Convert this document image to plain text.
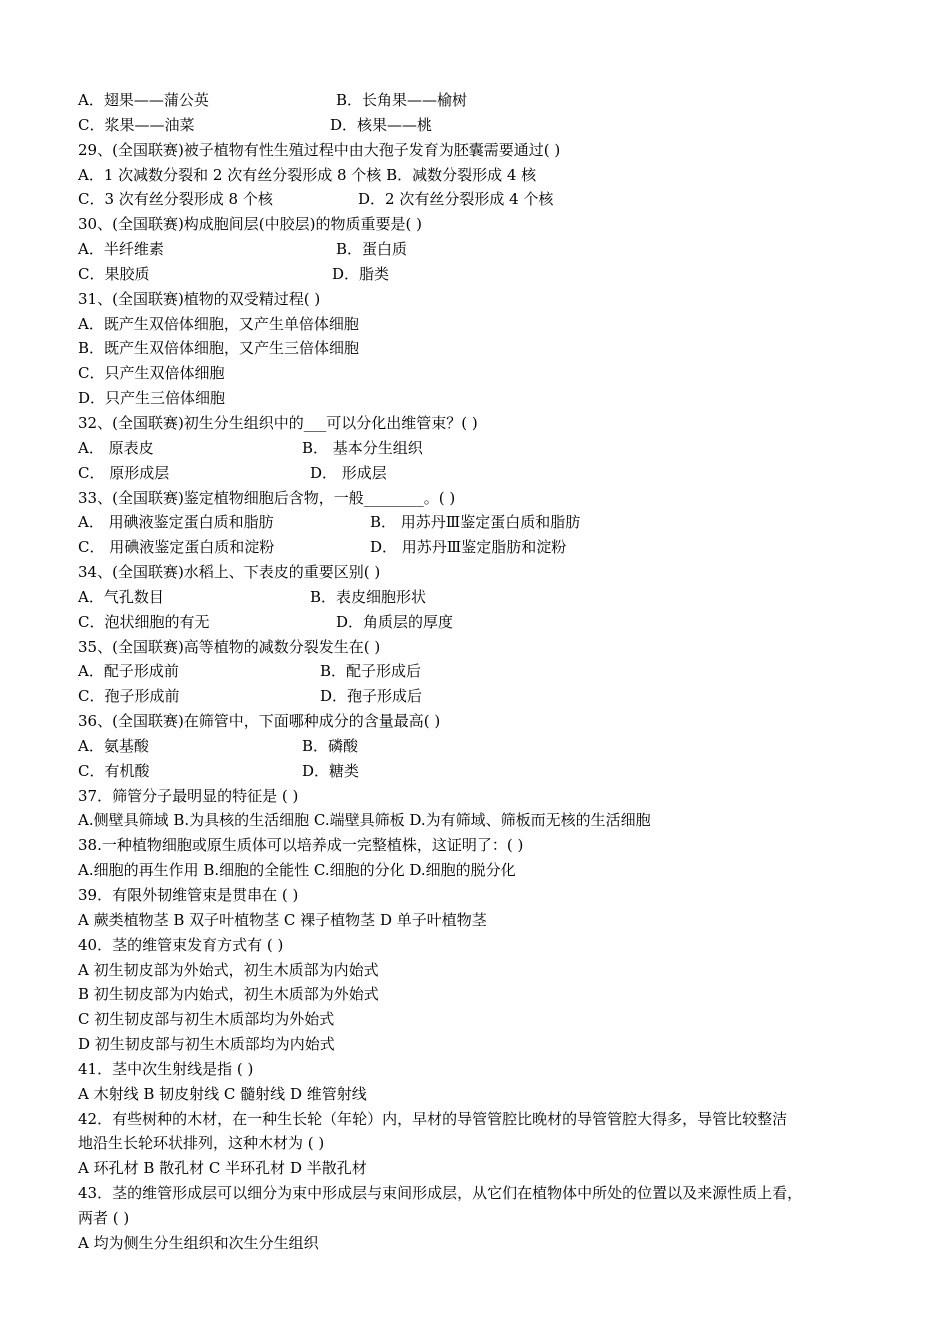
A．翅果——蒲公英	B．长角果——榆树
C．浆果——油菜	D．核果——桃
29、(全国联赛)被子植物有性生殖过程中由大孢子发育为胚囊需要通过( )
A．1 次减数分裂和 2 次有丝分裂形成 8 个核 B．减数分裂形成 4 核
C．3 次有丝分裂形成 8 个核	D．2 次有丝分裂形成 4 个核
30、(全国联赛)构成胞间层(中胶层)的物质重要是( )
A．半纤维素	B．蛋白质
C．果胶质	D．脂类
31、(全国联赛)植物的双受精过程( )
A．既产生双倍体细胞，又产生单倍体细胞
B．既产生双倍体细胞，又产生三倍体细胞
C．只产生双倍体细胞
D．只产生三倍体细胞
32、(全国联赛)初生分生组织中的___可以分化出维管束？( )
A． 原表皮	B． 基本分生组织
C． 原形成层	D． 形成层
33、(全国联赛)鉴定植物细胞后含物，一般________。( )
A． 用碘液鉴定蛋白质和脂肪	B． 用苏丹Ⅲ鉴定蛋白质和脂肪
C． 用碘液鉴定蛋白质和淀粉	D． 用苏丹Ⅲ鉴定脂肪和淀粉
34、(全国联赛)水稻上、下表皮的重要区别( )
A．气孔数目	B．表皮细胞形状
C．泡状细胞的有无	D．角质层的厚度
35、(全国联赛)高等植物的减数分裂发生在( )
A．配子形成前	B．配子形成后
C．孢子形成前	D．孢子形成后
36、(全国联赛)在筛管中，下面哪种成分的含量最高( )
A．氨基酸	B．磷酸
C．有机酸	D．糖类
37．筛管分子最明显的特征是 ( )
A.侧壁具筛域 B.为具核的生活细胞 C.端壁具筛板 D.为有筛域、筛板而无核的生活细胞
38.一种植物细胞或原生质体可以培养成一完整植株，这证明了：( )
A.细胞的再生作用 B.细胞的全能性 C.细胞的分化 D.细胞的脱分化
39．有限外韧维管束是贯串在 ( )
A 蕨类植物茎 B 双子叶植物茎 C 裸子植物茎 D 单子叶植物茎
40．茎的维管束发育方式有 ( )
A 初生韧皮部为外始式，初生木质部为内始式
B 初生韧皮部为内始式，初生木质部为外始式
C 初生韧皮部与初生木质部均为外始式
D 初生韧皮部与初生木质部均为内始式
41．茎中次生射线是指 ( )
A 木射线 B 韧皮射线 C 髓射线 D 维管射线
42．有些树种的木材，在一种生长轮（年轮）内，早材的导管管腔比晚材的导管管腔大得多，导管比较整洁
地沿生长轮环状排列，这种木材为 ( )
A 环孔材 B 散孔材 C 半环孔材 D 半散孔材
43．茎的维管形成层可以细分为束中形成层与束间形成层，从它们在植物体中所处的位置以及来源性质上看，
两者 ( )
A 均为侧生分生组织和次生分生组织
